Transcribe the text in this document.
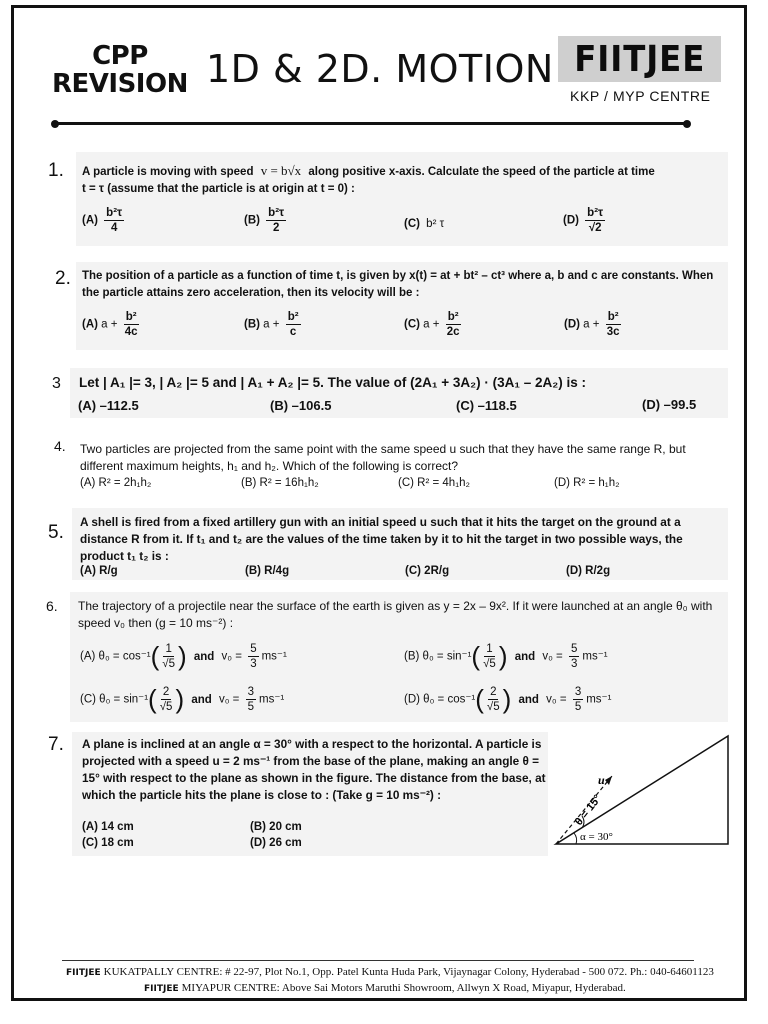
CPP
REVISION 1D & 2D. MOTION FIITJEE
KKP / MYP CENTRE
1. A particle is moving with speed v = b√x along positive x-axis. Calculate the speed of the particle at time
t = τ (assume that the particle is at origin at t = 0) :
$(A) \frac{\text{b²τ}}{4}$	$(B) \frac{\text{b²τ}}{2}$	(C) b² τ	$(D) \frac{\text{b²τ}}{√2}$
2. The position of a particle as a function of time t, is given by x(t) = at + bt² – ct³ where a, b and c are constants. When the particle attains zero acceleration, then its velocity will be :
(A) $a + \frac{\text{b²}}{4c}$	(B) $a + \frac{\text{b²}}{c}$	(C) $a + \frac{\text{b²}}{2c}$	(D) $a + \frac{\text{b²}}{3c}$
3 Let | A₁ |= 3, | A₂ |= 5 and | A₁ + A₂ |= 5. The value of (2A₁ + 3A₂) · (3A₁ – 2A₂) is :
(A) –112.5	(B) –106.5	(C) –118.5	(D) –99.5
4. Two particles are projected from the same point with the same speed u such that they have the same range R, but different maximum heights, h₁ and h₂. Which of the following is correct?
(A) R² = 2h₁h₂	(B) R² = 16h₁h₂	(C) R² = 4h₁h₂	(D) R² = h₁h₂
5. A shell is fired from a fixed artillery gun with an initial speed u such that it hits the target on the ground at a distance R from it. If t₁ and t₂ are the values of the time taken by it to hit the target in two possible ways, the product t₁ t₂ is :
(A) R/g	(B) R/4g	(C) 2R/g	(D) R/2g
6. The trajectory of a projectile near the surface of the earth is given as y = 2x – 9x². If it were launched at an angle θ₀ with speed v₀ then (g = 10 ms⁻²) :
(A) $\theta_0 = \cos^{-1}( \frac{1}{√5}$ ) and $v_0 = \frac{5}{3} ms^{-1}$	(B) $\theta_0 = \sin^{-1}( \frac{1}{√5}$ ) and $v_0 = \frac{5}{3} ms^{-1}$
(C) $\theta_0 = \sin^{-1}( \frac{2}{√5}$ ) and $v_0 = \frac{3}{5} ms^{-1}$	(D) $\theta_0 = \cos^{-1}( \frac{2}{√5}$ ) and $v_0 = \frac{3}{5} ms^{-1}$
7. A plane is inclined at an angle α = 30° with a respect to the horizontal. A particle is projected with a speed u = 2 ms⁻¹ from the base of the plane, making an angle θ = 15° with respect to the plane as shown in the figure. The distance from the base, at which the particle hits the plane is close to : (Take g = 10 ms⁻²) :
(A) 14 cm	(B) 20 cm
(C) 18 cm	(D) 26 cm
u
θ = 15°
α = 30°
FIITJEE KUKATPALLY CENTRE: # 22-97, Plot No.1, Opp. Patel Kunta Huda Park, Vijaynagar Colony, Hyderabad - 500 072. Ph.: 040-64601123
FIITJEE MIYAPUR CENTRE: Above Sai Motors Maruthi Showroom, Allwyn X Road, Miyapur, Hyderabad.
